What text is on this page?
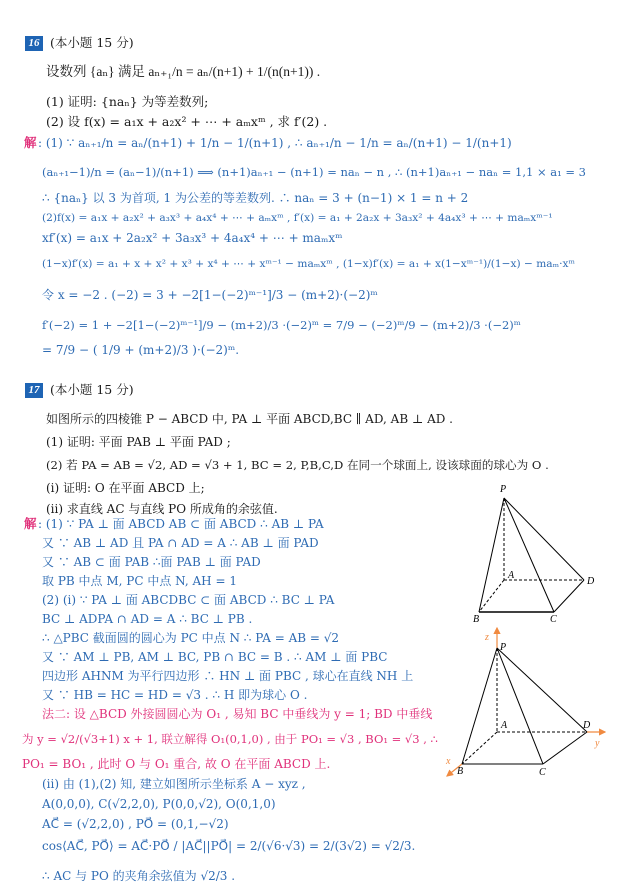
16 (本小题 15 分)
设数列 {aₙ} 满足 aₙ₊₁/n = aₙ/(n+1) + 1/(n(n+1)) .
(1) 证明: {naₙ} 为等差数列;
(2) 设 f(x) = a₁x + a₂x² + ⋯ + aₘxᵐ , 求 f′(2) .
解 : (1) ∵ aₙ₊₁/n = aₙ/(n+1) + 1/n − 1/(n+1) , ∴ aₙ₊₁/n − 1/n = aₙ/(n+1) − 1/(n+1)
(aₙ₊₁−1)/n = (aₙ−1)/(n+1) ⟹ (n+1)aₙ₊₁ − (n+1) = naₙ − n , ∴ (n+1)aₙ₊₁ − naₙ = 1,1 × a₁ = 3
∴ {naₙ} 以 3 为首项, 1 为公差的等差数列. ∴ naₙ = 3 + (n−1) × 1 = n + 2
(2)f(x) = a₁x + a₂x² + a₃x³ + a₄x⁴ + ⋯ + aₘxᵐ , f′(x) = a₁ + 2a₂x + 3a₃x² + 4a₄x³ + ⋯ + maₘxᵐ⁻¹
xf′(x) = a₁x + 2a₂x² + 3a₃x³ + 4a₄x⁴ + ⋯ + maₘxᵐ
(1−x)f′(x) = a₁ + x + x² + x³ + x⁴ + ⋯ + xᵐ⁻¹ − maₘxᵐ , (1−x)f′(x) = a₁ + x(1−xᵐ⁻¹)/(1−x) − maₘ·xᵐ
令 x = −2 . (−2) = 3 + −2[1−(−2)ᵐ⁻¹]/3 − (m+2)·(−2)ᵐ
f′(−2) = 1 + −2[1−(−2)ᵐ⁻¹]/9 − (m+2)/3 ·(−2)ᵐ = 7/9 − (−2)ᵐ/9 − (m+2)/3 ·(−2)ᵐ
= 7/9 − ( 1/9 + (m+2)/3 )·(−2)ᵐ.
17 (本小题 15 分)
如图所示的四棱锥 P − ABCD 中, PA ⊥ 平面 ABCD,BC ∥ AD, AB ⊥ AD .
(1) 证明: 平面 PAB ⊥ 平面 PAD ;
(2) 若 PA = AB = √2, AD = √3 + 1, BC = 2, P,B,C,D 在同一个球面上, 设该球面的球心为 O .
(i) 证明: O 在平面 ABCD 上;
(ii) 求直线 AC 与直线 PO 所成角的余弦值.
解 : (1) ∵ PA ⊥ 面 ABCD AB ⊂ 面 ABCD ∴ AB ⊥ PA
又 ∵ AB ⊥ AD 且 PA ∩ AD = A ∴ AB ⊥ 面 PAD
又 ∵ AB ⊂ 面 PAB ∴面 PAB ⊥ 面 PAD
取 PB 中点 M, PC 中点 N, AH = 1
(2) (i) ∵ PA ⊥ 面 ABCDBC ⊂ 面 ABCD ∴ BC ⊥ PA
BC ⊥ ADPA ∩ AD = A ∴ BC ⊥ PB .
∴ △PBC 截面圆的圆心为 PC 中点 N ∴ PA = AB = √2
又 ∵ AM ⊥ PB, AM ⊥ BC, PB ∩ BC = B . ∴ AM ⊥ 面 PBC
四边形 AHNM 为平行四边形 ∴ HN ⊥ 面 PBC , 球心在直线 NH 上
又 ∵ HB = HC = HD = √3 . ∴ H 即为球心 O .
法二: 设 △BCD 外接圆圆心为 O₁ , 易知 BC 中垂线为 y = 1; BD 中垂线
为 y = √2/(√3+1) x + 1, 联立解得 O₁(0,1,0) , 由于 PO₁ = √3 , BO₁ = √3 , ∴
PO₁ = BO₁ , 此时 O 与 O₁ 重合, 故 O 在平面 ABCD 上.
(ii) 由 (1),(2) 知, 建立如图所示坐标系 A − xyz ,
A(0,0,0), C(√2,2,0), P(0,0,√2), O(0,1,0)
AC⃗ = (√2,2,0) , PO⃗ = (0,1,−√2)
cos⟨AC⃗, PO⃗⟩ = AC⃗·PO⃗ / |AC⃗||PO⃗| = 2/(√6·√3) = 2/(3√2) = √2/3.
∴ AC 与 PO 的夹角余弦值为 √2/3 .
P
A
B	C
D
z
P
A	D
y
B
x
C
